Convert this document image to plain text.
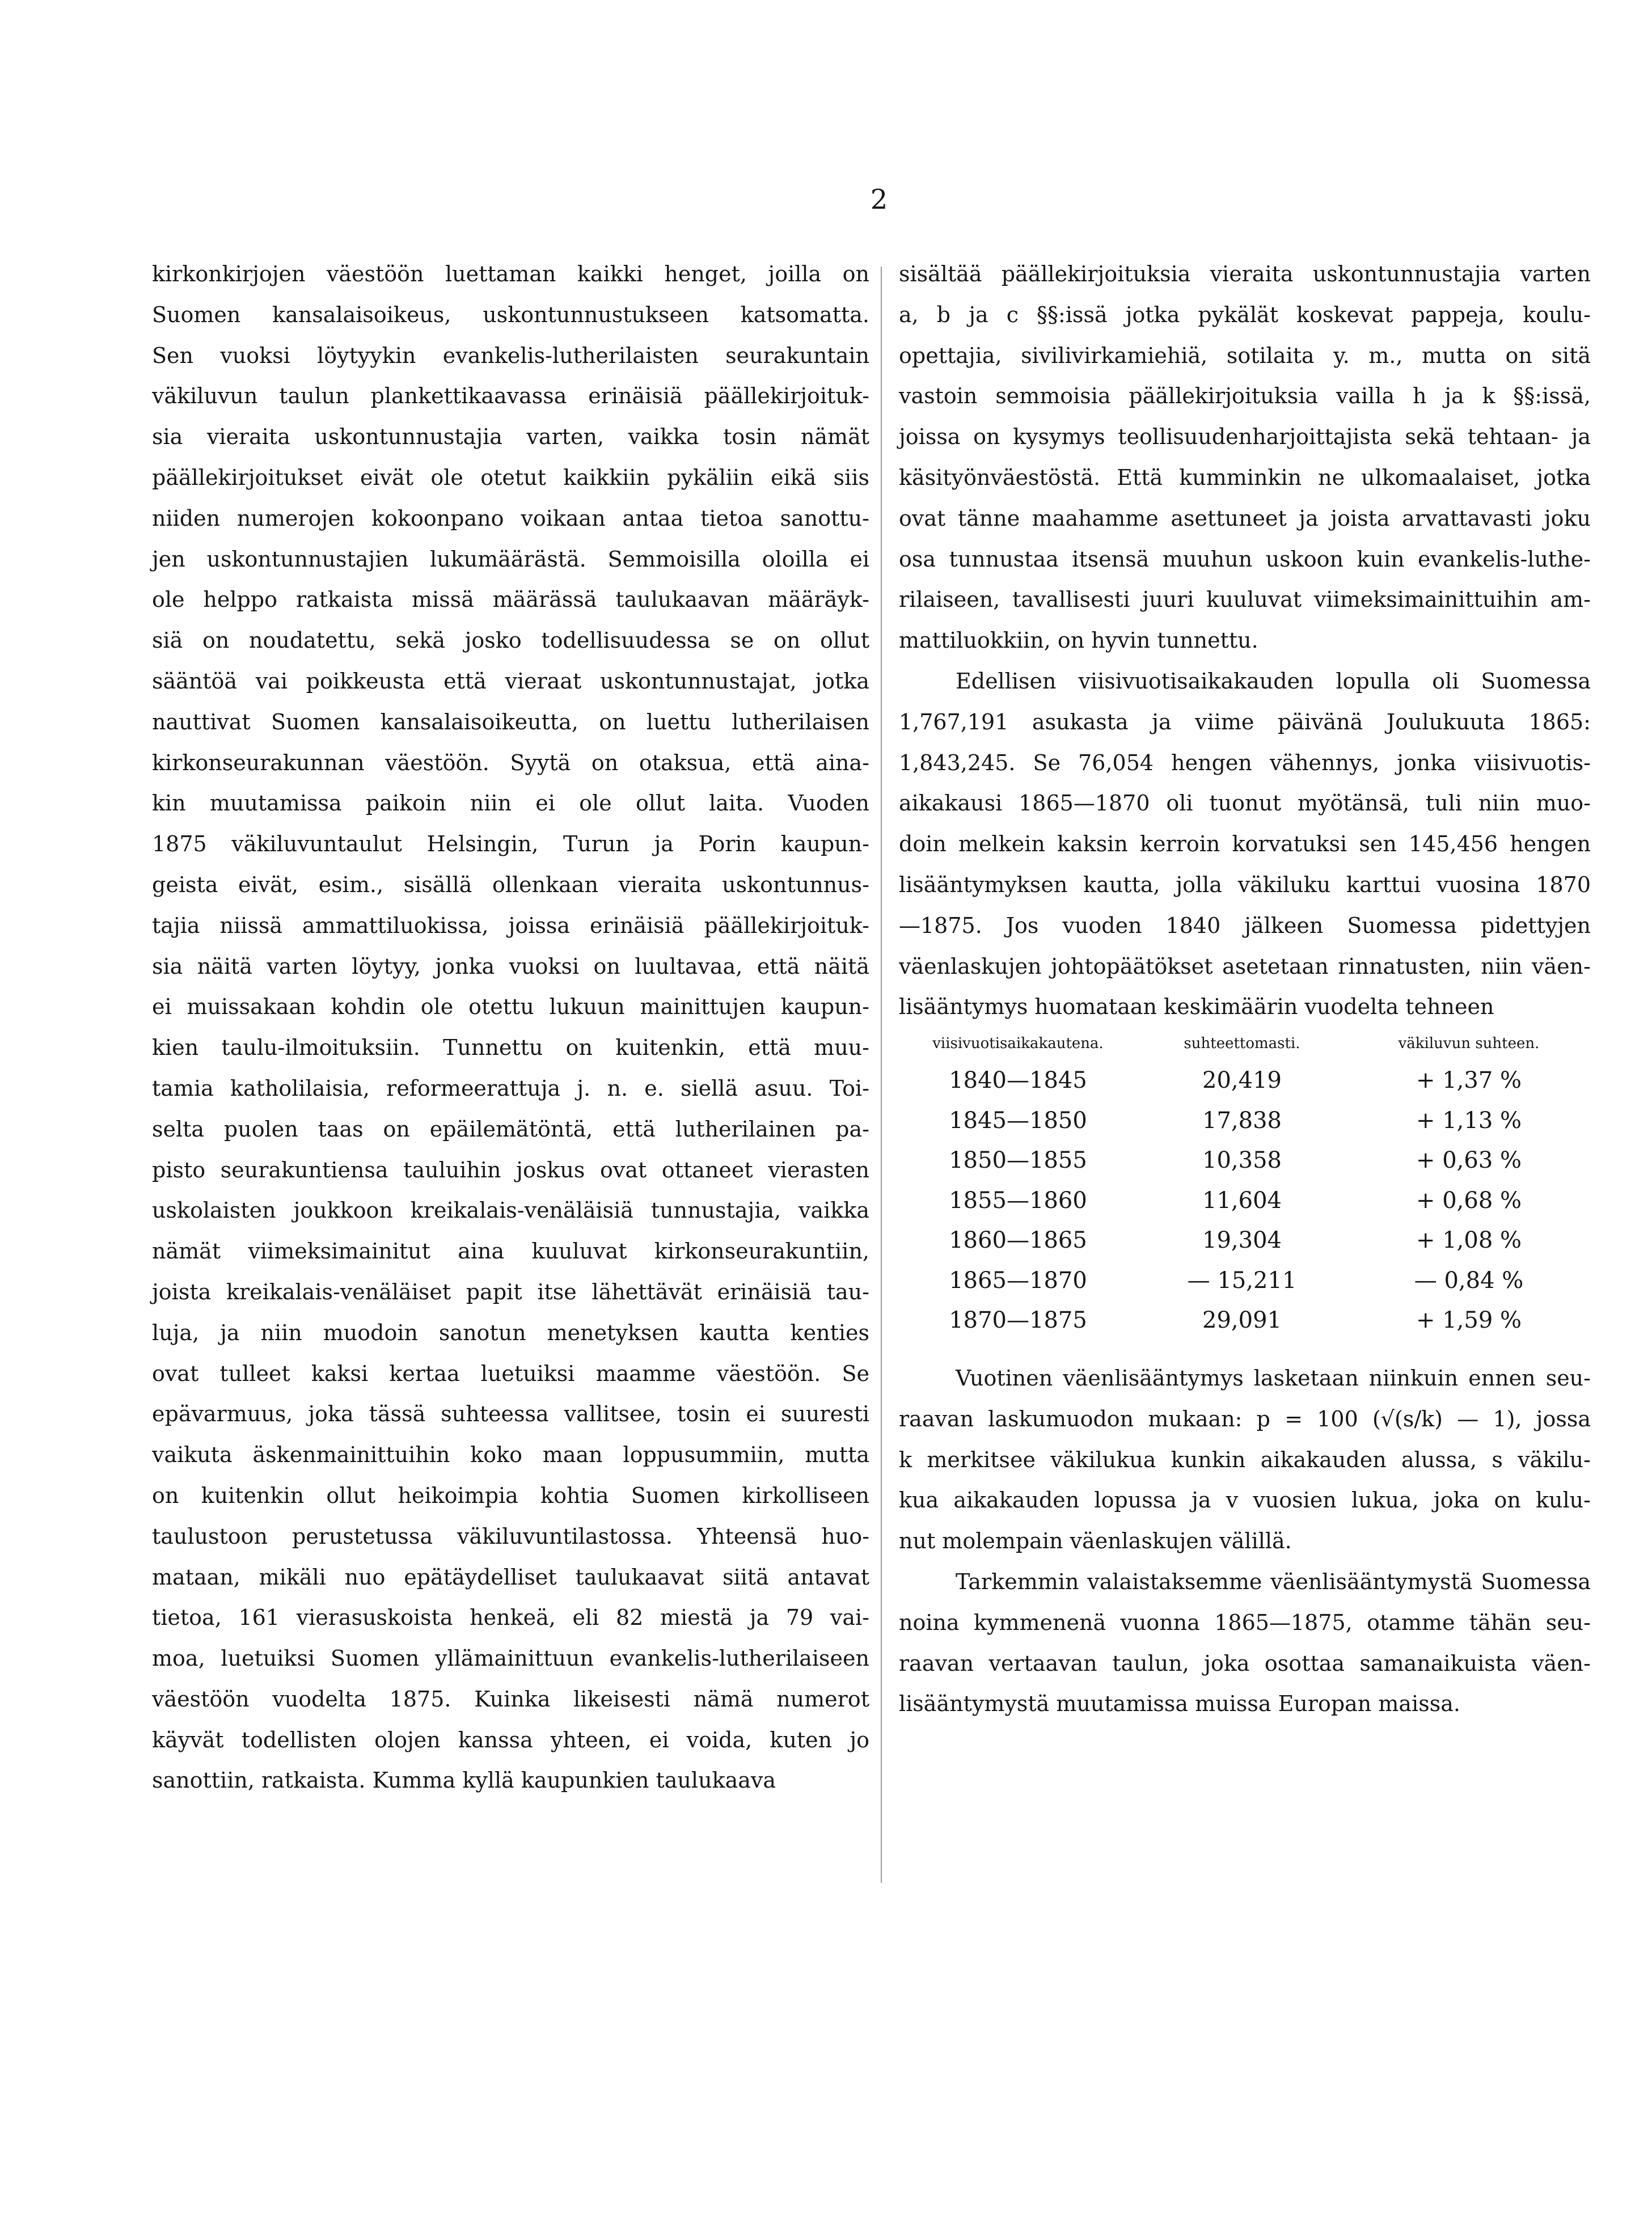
2
kirkonkirjojen väestöön luettaman kaikki henget, joilla on
Suomen kansalaisoikeus, uskontunnustukseen katsomatta.
Sen vuoksi löytyykin evankelis-lutherilaisten seurakuntain
väkiluvun taulun plankettikaavassa erinäisiä päällekirjoituk-
sia vieraita uskontunnustajia varten, vaikka tosin nämät
päällekirjoitukset eivät ole otetut kaikkiin pykäliin eikä siis
niiden numerojen kokoonpano voikaan antaa tietoa sanottu-
jen uskontunnustajien lukumäärästä. Semmoisilla oloilla ei
ole helppo ratkaista missä määrässä taulukaavan määräyk-
siä on noudatettu, sekä josko todellisuudessa se on ollut
sääntöä vai poikkeusta että vieraat uskontunnustajat, jotka
nauttivat Suomen kansalaisoikeutta, on luettu lutherilaisen
kirkonseurakunnan väestöön. Syytä on otaksua, että aina-
kin muutamissa paikoin niin ei ole ollut laita. Vuoden
1875 väkiluvuntaulut Helsingin, Turun ja Porin kaupun-
geista eivät, esim., sisällä ollenkaan vieraita uskontunnus-
tajia niissä ammattiluokissa, joissa erinäisiä päällekirjoituk-
sia näitä varten löytyy, jonka vuoksi on luultavaa, että näitä
ei muissakaan kohdin ole otettu lukuun mainittujen kaupun-
kien taulu-ilmoituksiin. Tunnettu on kuitenkin, että muu-
tamia katholilaisia, reformeerattuja j. n. e. siellä asuu. Toi-
selta puolen taas on epäilemätöntä, että lutherilainen pa-
pisto seurakuntiensa tauluihin joskus ovat ottaneet vierasten
uskolaisten joukkoon kreikalais-venäläisiä tunnustajia, vaikka
nämät viimeksimainitut aina kuuluvat kirkonseurakuntiin,
joista kreikalais-venäläiset papit itse lähettävät erinäisiä tau-
luja, ja niin muodoin sanotun menetyksen kautta kenties
ovat tulleet kaksi kertaa luetuiksi maamme väestöön. Se
epävarmuus, joka tässä suhteessa vallitsee, tosin ei suuresti
vaikuta äskenmainittuihin koko maan loppusummiin, mutta
on kuitenkin ollut heikoimpia kohtia Suomen kirkolliseen
taulustoon perustetussa väkiluvuntilastossa. Yhteensä huo-
mataan, mikäli nuo epätäydelliset taulukaavat siitä antavat
tietoa, 161 vierasuskoista henkeä, eli 82 miestä ja 79 vai-
moa, luetuiksi Suomen yllämainittuun evankelis-lutherilaiseen
väestöön vuodelta 1875. Kuinka likeisesti nämä numerot
käyvät todellisten olojen kanssa yhteen, ei voida, kuten jo
sanottiin, ratkaista. Kumma kyllä kaupunkien taulukaava
sisältää päällekirjoituksia vieraita uskontunnustajia varten
a, b ja c §§:issä jotka pykälät koskevat pappeja, koulu-
opettajia, sivilivirkamiehiä, sotilaita y. m., mutta on sitä
vastoin semmoisia päällekirjoituksia vailla h ja k §§:issä,
joissa on kysymys teollisuudenharjoittajista sekä tehtaan- ja
käsityönväestöstä. Että kumminkin ne ulkomaalaiset, jotka
ovat tänne maahamme asettuneet ja joista arvattavasti joku
osa tunnustaa itsensä muuhun uskoon kuin evankelis-luthe-
rilaiseen, tavallisesti juuri kuuluvat viimeksimainittuihin am-
mattiluokkiin, on hyvin tunnettu.
Edellisen viisivuotisaikakauden lopulla oli Suomessa
1,767,191 asukasta ja viime päivänä Joulukuuta 1865:
1,843,245. Se 76,054 hengen vähennys, jonka viisivuotis-
aikakausi 1865—1870 oli tuonut myötänsä, tuli niin muo-
doin melkein kaksin kerroin korvatuksi sen 145,456 hengen
lisääntymyksen kautta, jolla väkiluku karttui vuosina 1870
—1875. Jos vuoden 1840 jälkeen Suomessa pidettyjen
väenlaskujen johtopäätökset asetetaan rinnatusten, niin väen-
lisääntymys huomataan keskimäärin vuodelta tehneen
viisivuotisaikakautena.	suhteettomasti.	väkiluvun suhteen.
1840—1845	20,419	+ 1,37 %
1845—1850	17,838	+ 1,13 %
1850—1855	10,358	+ 0,63 %
1855—1860	11,604	+ 0,68 %
1860—1865	19,304	+ 1,08 %
1865—1870	— 15,211	— 0,84 %
1870—1875	29,091	+ 1,59 %
Vuotinen väenlisääntymys lasketaan niinkuin ennen seu-
raavan laskumuodon mukaan: p = 100 (√(s/k) — 1), jossa
k merkitsee väkilukua kunkin aikakauden alussa, s väkilu-
kua aikakauden lopussa ja v vuosien lukua, joka on kulu-
nut molempain väenlaskujen välillä.
Tarkemmin valaistaksemme väenlisääntymystä Suomessa
noina kymmenenä vuonna 1865—1875, otamme tähän seu-
raavan vertaavan taulun, joka osottaa samanaikuista väen-
lisääntymystä muutamissa muissa Europan maissa.
